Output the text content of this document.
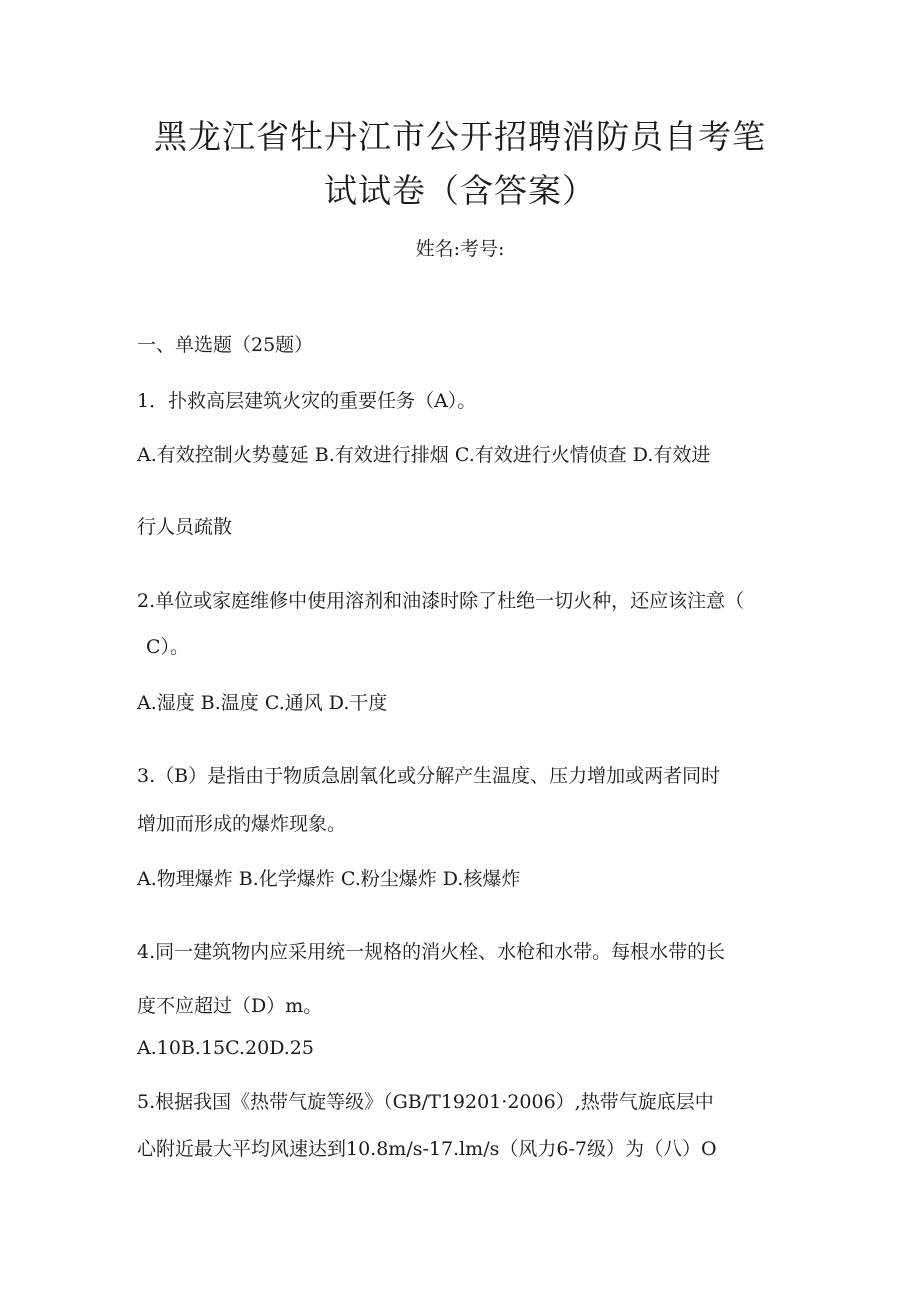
黑龙江省牡丹江市公开招聘消防员自考笔
试试卷（含答案）
姓名:考号:
一、单选题（25题）
1．扑救高层建筑火灾的重要任务（A）。
A.有效控制火势蔓延 B.有效进行排烟 C.有效进行火情侦查 D.有效进
行人员疏散
2.单位或家庭维修中使用溶剂和油漆时除了杜绝一切火种，还应该注意（
C）。
A.湿度 B.温度 C.通风 D.干度
3.（B）是指由于物质急剧氧化或分解产生温度、压力增加或两者同时
增加而形成的爆炸现象。
A.物理爆炸 B.化学爆炸 C.粉尘爆炸 D.核爆炸
4.同一建筑物内应采用统一规格的消火栓、水枪和水带。每根水带的长
度不应超过（D）m。
A.10B.15C.20D.25
5.根据我国《热带气旋等级》（GB/T19201·2006）,热带气旋底层中
心附近最大平均风速达到10.8m/s-17.lm/s（风力6-7级）为（八）O
